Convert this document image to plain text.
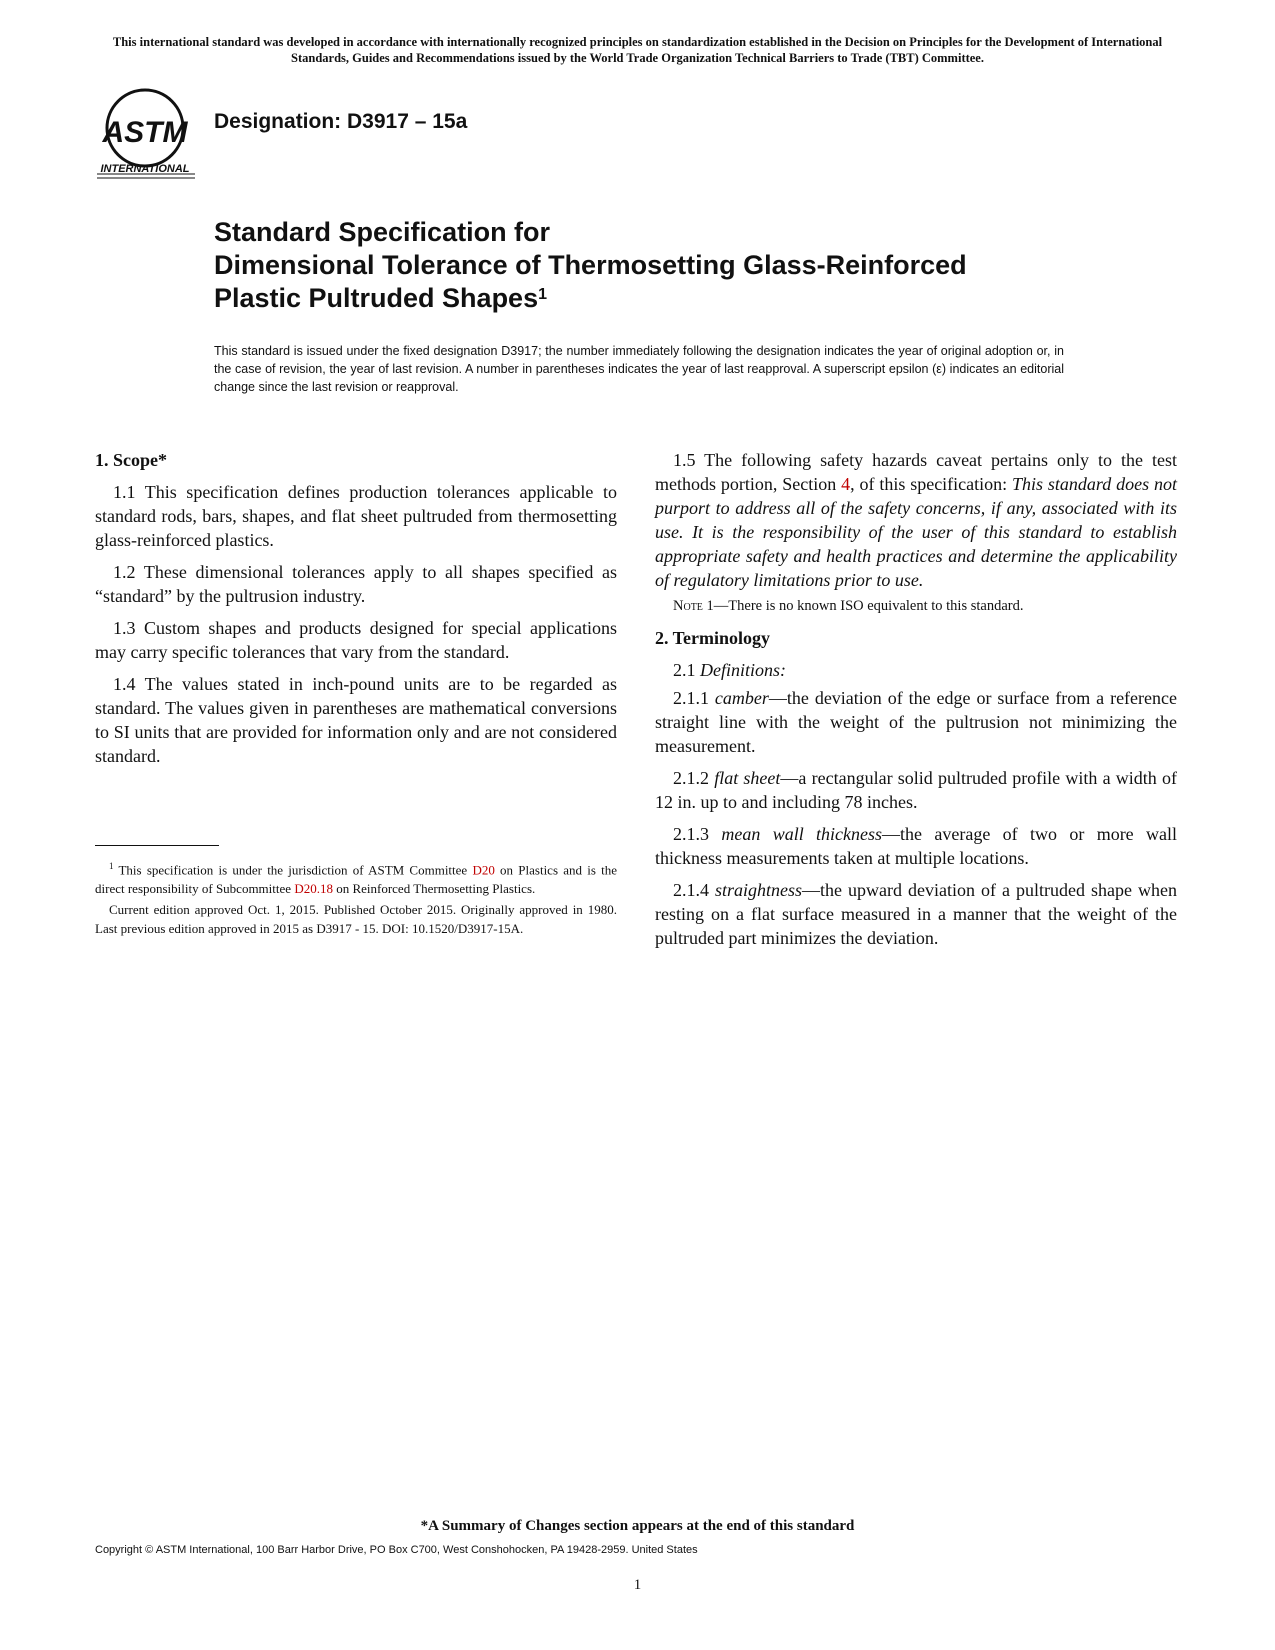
This international standard was developed in accordance with internationally recognized principles on standardization established in the Decision on Principles for the Development of International Standards, Guides and Recommendations issued by the World Trade Organization Technical Barriers to Trade (TBT) Committee.
ASTM
INTERNATIONAL
Designation: D3917 – 15a
Standard Specification for
Dimensional Tolerance of Thermosetting Glass-Reinforced
Plastic Pultruded Shapes$^1$
This standard is issued under the fixed designation D3917; the number immediately following the designation indicates the year of original adoption or, in the case of revision, the year of last revision. A number in parentheses indicates the year of last reapproval. A superscript epsilon (ε) indicates an editorial change since the last revision or reapproval.
1. Scope*

1.1 This specification defines production tolerances applicable to standard rods, bars, shapes, and flat sheet pultruded from thermosetting glass-reinforced plastics.

1.2 These dimensional tolerances apply to all shapes specified as “standard” by the pultrusion industry.

1.3 Custom shapes and products designed for special applications may carry specific tolerances that vary from the standard.

1.4 The values stated in inch-pound units are to be regarded as standard. The values given in parentheses are mathematical conversions to SI units that are provided for information only and are not considered standard.

$^1$ This specification is under the jurisdiction of ASTM Committee D20 on Plastics and is the direct responsibility of Subcommittee D20.18 on Reinforced Thermosetting Plastics.

Current edition approved Oct. 1, 2015. Published October 2015. Originally approved in 1980. Last previous edition approved in 2015 as D3917 - 15. DOI: 10.1520/D3917-15A.

1.5 The following safety hazards caveat pertains only to the test methods portion, Section 4, of this specification: This standard does not purport to address all of the safety concerns, if any, associated with its use. It is the responsibility of the user of this standard to establish appropriate safety and health practices and determine the applicability of regulatory limitations prior to use.

Note 1—There is no known ISO equivalent to this standard.

2. Terminology

2.1 Definitions:

2.1.1 camber—the deviation of the edge or surface from a reference straight line with the weight of the pultrusion not minimizing the measurement.

2.1.2 flat sheet—a rectangular solid pultruded profile with a width of 12 in. up to and including 78 inches.

2.1.3 mean wall thickness—the average of two or more wall thickness measurements taken at multiple locations.

2.1.4 straightness—the upward deviation of a pultruded shape when resting on a flat surface measured in a manner that the weight of the pultruded part minimizes the deviation.

*A Summary of Changes section appears at the end of this standard
Copyright © ASTM International, 100 Barr Harbor Drive, PO Box C700, West Conshohocken, PA 19428-2959. United States
1
